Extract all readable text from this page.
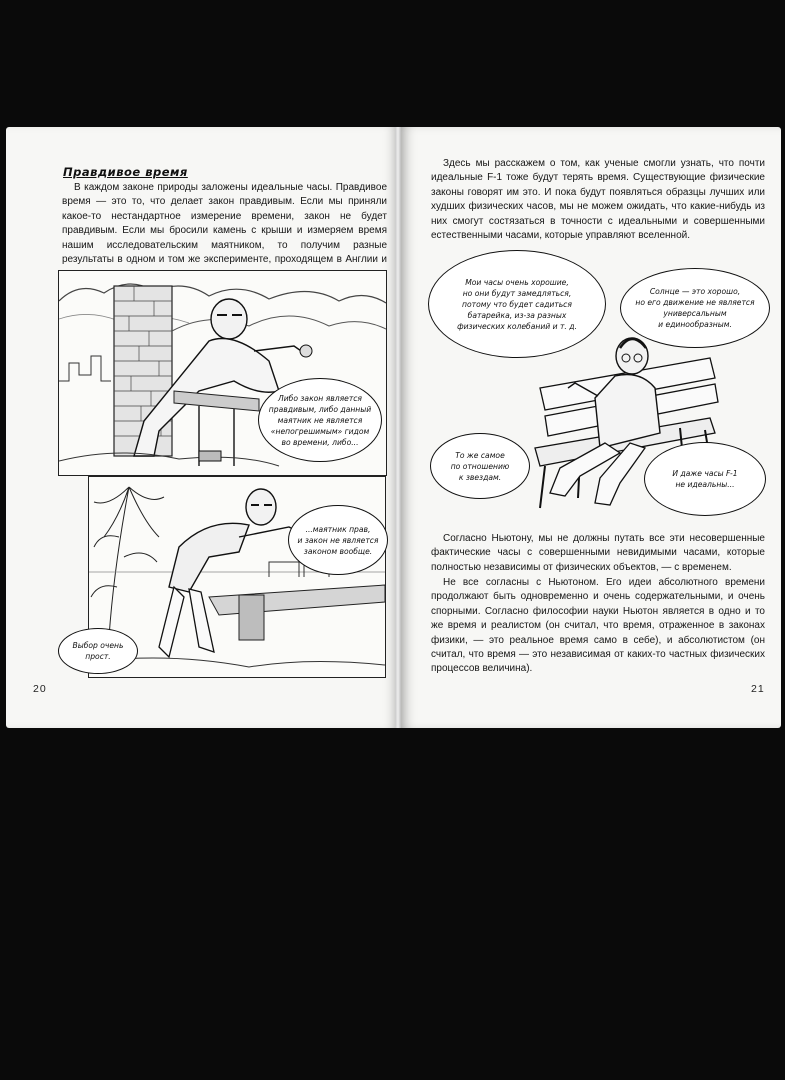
Правдивое время

В каждом законе природы заложены идеальные часы. Правдивое время — это то, что делает закон правдивым. Если мы приняли какое-то нестандартное измерение времени, закон не будет правдивым. Если мы бросили камень с крыши и измеряем время нашим исследовательским маятником, то получим разные результаты в одном и том же эксперименте, проходящем в Англии и

Либо закон является
правдивым, либо данный
маятник не является
«непогрешимым» гидом
во времени, либо...
...маятник прав,
и закон не является
законом вообще.
Выбор очень
прост.
20

Здесь мы расскажем о том, как ученые смогли узнать, что почти идеальные F-1 тоже будут терять время. Существующие физические законы говорят им это. И пока будут появляться образцы лучших или худших физических часов, мы не можем ожидать, что какие-нибудь из них смогут состязаться в точности с идеальными и совершенными естественными часами, которые управляют вселенной.

Мои часы очень хорошие,
но они будут замедляться,
потому что будет садиться
батарейка, из-за разных
физических колебаний и т. д.
Солнце — это хорошо,
но его движение не является
универсальным
и единообразным.
То же самое
по отношению
к звездам.	И даже часы F-1
не идеальны...

Согласно Ньютону, мы не должны путать все эти несовершенные фактические часы с совершенными невидимыми часами, которые полностью независимы от физических объектов, — с временем.

Не все согласны с Ньютоном. Его идеи абсолютного времени продолжают быть одновременно и очень содержательными, и очень спорными. Согласно философии науки Ньютон является в одно и то же время и реалистом (он считал, что время, отраженное в законах физики, — это реальное время само в себе), и абсолютистом (он считал, что время — это независимая от каких-то частных физических процессов величина).

21
